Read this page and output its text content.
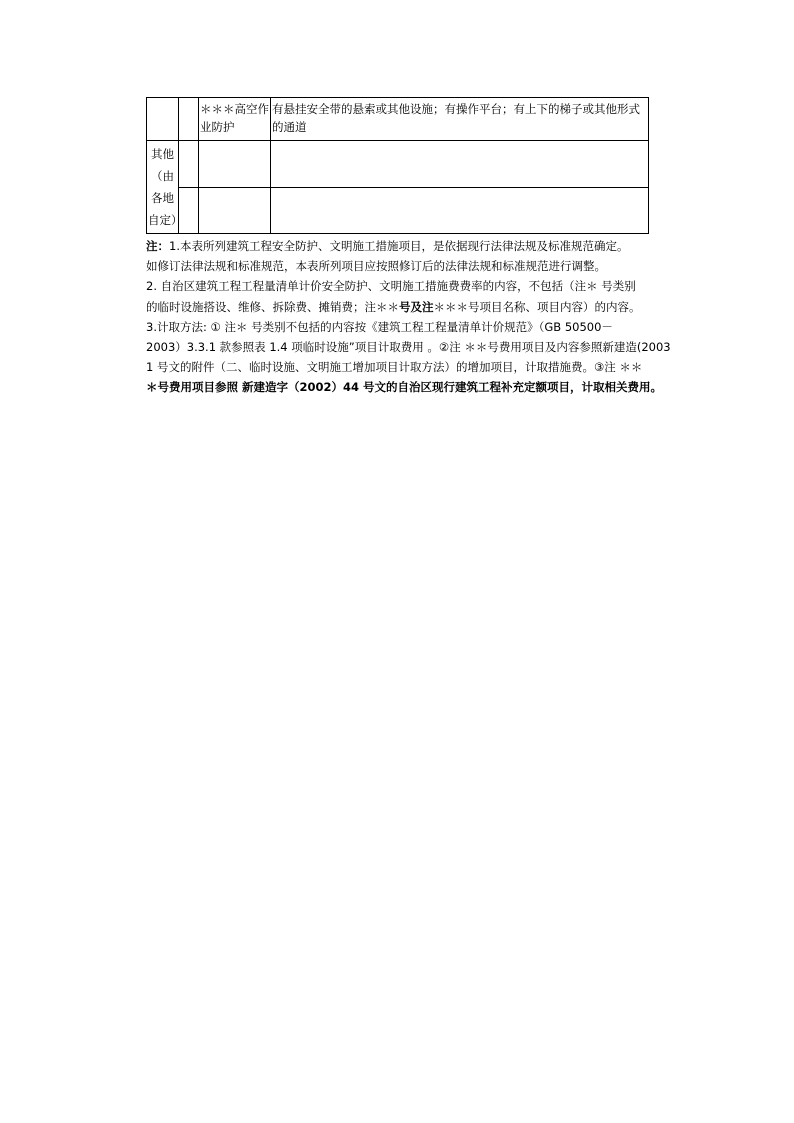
		＊＊＊高空作业防护	有悬挂安全带的悬索或其他设施；有操作平台；有上下的梯子或其他形式的通道
其他（由各地自定）			

注：1.本表所列建筑工程安全防护、文明施工措施项目，是依据现行法律法规及标准规范确定。
如修订法律法规和标准规范，本表所列项目应按照修订后的法律法规和标准规范进行调整。
2. 自治区建筑工程工程量清单计价安全防护、文明施工措施费费率的内容，不包括（注＊ 号类别
的临时设施搭设、维修、拆除费、摊销费；注＊＊号及注＊＊＊号项目名称、项目内容）的内容。
3.计取方法: ① 注＊ 号类别不包括的内容按《建筑工程工程量清单计价规范》（GB 50500－
2003）3.3.1 款参照表 1.4 项临时设施”项目计取费用 。②注 ＊＊号费用项目及内容参照新建造(2003
1 号文的附件（二、临时设施、文明施工增加项目计取方法）的增加项目，计取措施费。③注 ＊＊
＊号费用项目参照 新建造字（2002）44 号文的自治区现行建筑工程补充定额项目，计取相关费用。
